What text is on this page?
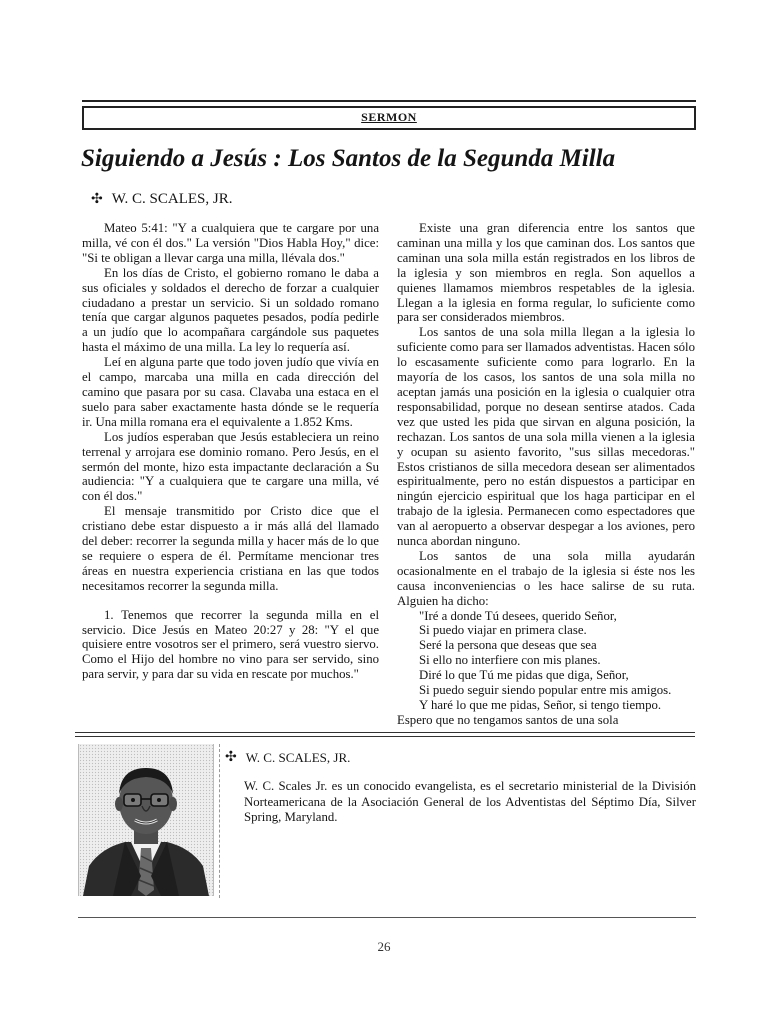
SERMON
Siguiendo a Jesús : Los Santos de la Segunda Milla
✣ W. C. SCALES, JR.

Mateo 5:41: "Y a cualquiera que te cargare por una milla, vé con él dos." La versión "Dios Habla Hoy," dice: "Si te obligan a llevar carga una milla, llévala dos."

En los días de Cristo, el gobierno romano le daba a sus oficiales y soldados el derecho de forzar a cualquier ciudadano a prestar un servicio. Si un soldado romano tenía que cargar algunos paquetes pesados, podía pedirle a un judío que lo acompañara cargándole sus paquetes hasta el máximo de una milla. La ley lo requería así.

Leí en alguna parte que todo joven judío que vivía en el campo, marcaba una milla en cada dirección del camino que pasara por su casa. Clavaba una estaca en el suelo para saber exactamente hasta dónde se le requería ir. Una milla romana era el equivalente a 1.852 Kms.

Los judíos esperaban que Jesús estableciera un reino terrenal y arrojara ese dominio romano. Pero Jesús, en el sermón del monte, hizo esta impactante declaración a Su audiencia: "Y a cualquiera que te cargare una milla, vé con él dos."

El mensaje transmitido por Cristo dice que el cristiano debe estar dispuesto a ir más allá del llamado del deber: recorrer la segunda milla y hacer más de lo que se requiere o espera de él. Permítame mencionar tres áreas en nuestra experiencia cristiana en las que todos necesitamos recorrer la segunda milla.

1. Tenemos que recorrer la segunda milla en el servicio. Dice Jesús en Mateo 20:27 y 28: "Y el que quisiere entre vosotros ser el primero, será vuestro siervo. Como el Hijo del hombre no vino para ser servido, sino para servir, y para dar su vida en rescate por muchos."

Existe una gran diferencia entre los santos que caminan una milla y los que caminan dos. Los santos que caminan una sola milla están registrados en los libros de la iglesia y son miembros en regla. Son aquellos a quienes llamamos miembros respetables de la iglesia. Llegan a la iglesia en forma regular, lo suficiente como para ser considerados miembros.

Los santos de una sola milla llegan a la iglesia lo suficiente como para ser llamados adventistas. Hacen sólo lo escasamente suficiente como para lograrlo. En la mayoría de los casos, los santos de una sola milla no aceptan jamás una posición en la iglesia o cualquier otra responsabilidad, porque no desean sentirse atados. Cada vez que usted les pida que sirvan en alguna posición, la rechazan. Los santos de una sola milla vienen a la iglesia y ocupan su asiento favorito, "sus sillas mecedoras." Estos cristianos de silla mecedora desean ser alimentados espiritualmente, pero no están dispuestos a participar en ningún ejercicio espiritual que los haga participar en el trabajo de la iglesia. Permanecen como espectadores que van al aeropuerto a observar despegar a los aviones, pero nunca abordan ninguno.

Los santos de una sola milla ayudarán ocasionalmente en el trabajo de la iglesia si éste nos les causa inconveniencias o les hace salirse de su ruta. Alguien ha dicho:

"Iré a donde Tú desees, querido Señor,
Si puedo viajar en primera clase.
Seré la persona que deseas que sea
Si ello no interfiere con mis planes.
Diré lo que Tú me pidas que diga, Señor,
Si puedo seguir siendo popular entre mis amigos.
Y haré lo que me pidas, Señor, si tengo tiempo.

Espero que no tengamos santos de una sola

✣ W. C. SCALES, JR.

W. C. Scales Jr. es un conocido evangelista, es el secretario ministerial de la División Norteamericana de la Asociación General de los Adventistas del Séptimo Día, Silver Spring, Maryland.

26
